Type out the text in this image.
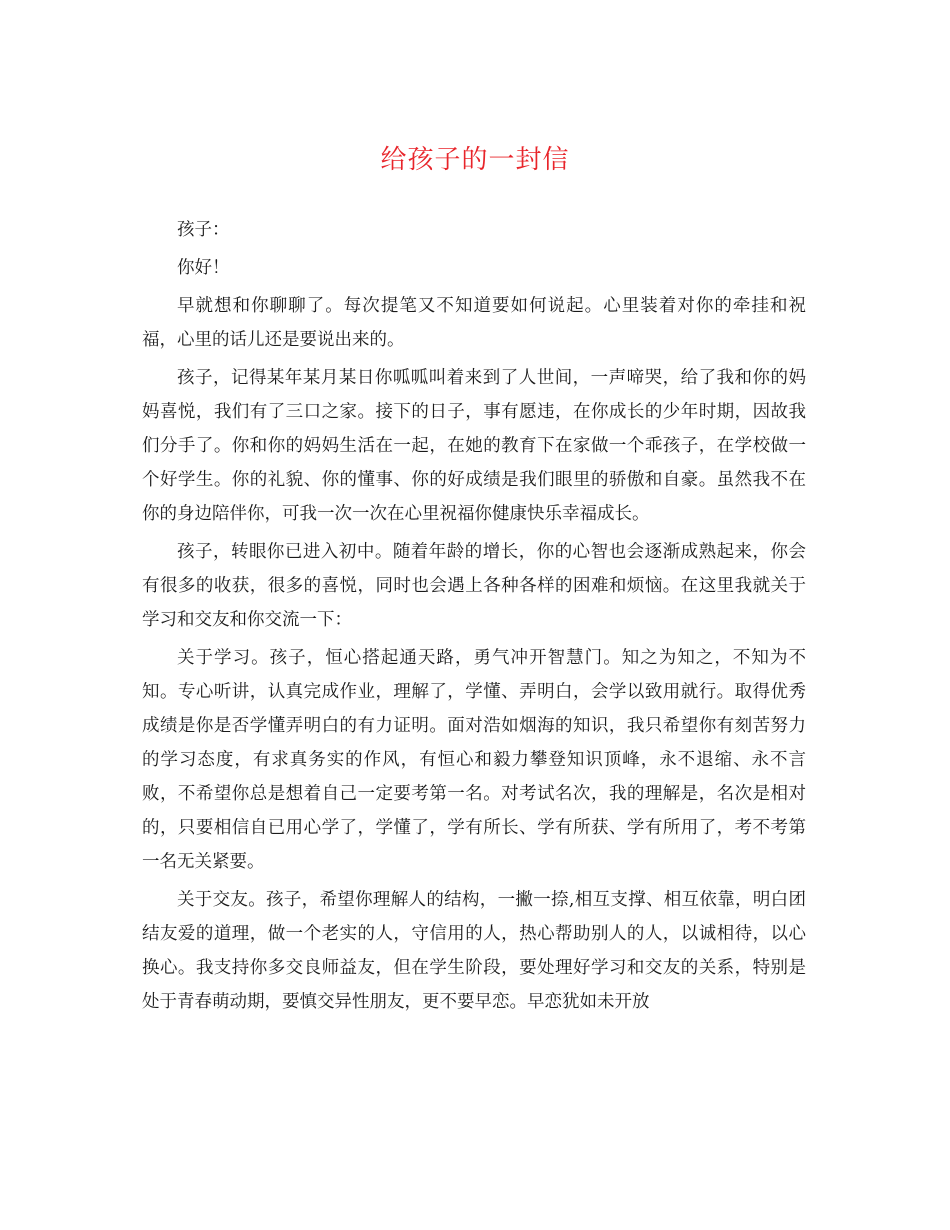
给孩子的一封信

孩子：

你好！

早就想和你聊聊了。每次提笔又不知道要如何说起。心里装着对你的牵挂和祝福，心里的话儿还是要说出来的。

孩子，记得某年某月某日你呱呱叫着来到了人世间，一声啼哭，给了我和你的妈妈喜悦，我们有了三口之家。接下的日子，事有愿违，在你成长的少年时期，因故我们分手了。你和你的妈妈生活在一起，在她的教育下在家做一个乖孩子，在学校做一个好学生。你的礼貌、你的懂事、你的好成绩是我们眼里的骄傲和自豪。虽然我不在你的身边陪伴你，可我一次一次在心里祝福你健康快乐幸福成长。

孩子，转眼你已进入初中。随着年龄的增长，你的心智也会逐渐成熟起来，你会有很多的收获，很多的喜悦，同时也会遇上各种各样的困难和烦恼。在这里我就关于学习和交友和你交流一下：

关于学习。孩子，恒心搭起通天路，勇气冲开智慧门。知之为知之，不知为不知。专心听讲，认真完成作业，理解了，学懂、弄明白，会学以致用就行。取得优秀成绩是你是否学懂弄明白的有力证明。面对浩如烟海的知识，我只希望你有刻苦努力的学习态度，有求真务实的作风，有恒心和毅力攀登知识顶峰，永不退缩、永不言败，不希望你总是想着自己一定要考第一名。对考试名次，我的理解是，名次是相对的，只要相信自已用心学了，学懂了，学有所长、学有所获、学有所用了，考不考第一名无关紧要。

关于交友。孩子，希望你理解人的结构，一撇一捺,相互支撑、相互依靠，明白团结友爱的道理，做一个老实的人，守信用的人，热心帮助别人的人，以诚相待，以心换心。我支持你多交良师益友，但在学生阶段，要处理好学习和交友的关系，特别是处于青春萌动期，要慎交异性朋友，更不要早恋。早恋犹如未开放
